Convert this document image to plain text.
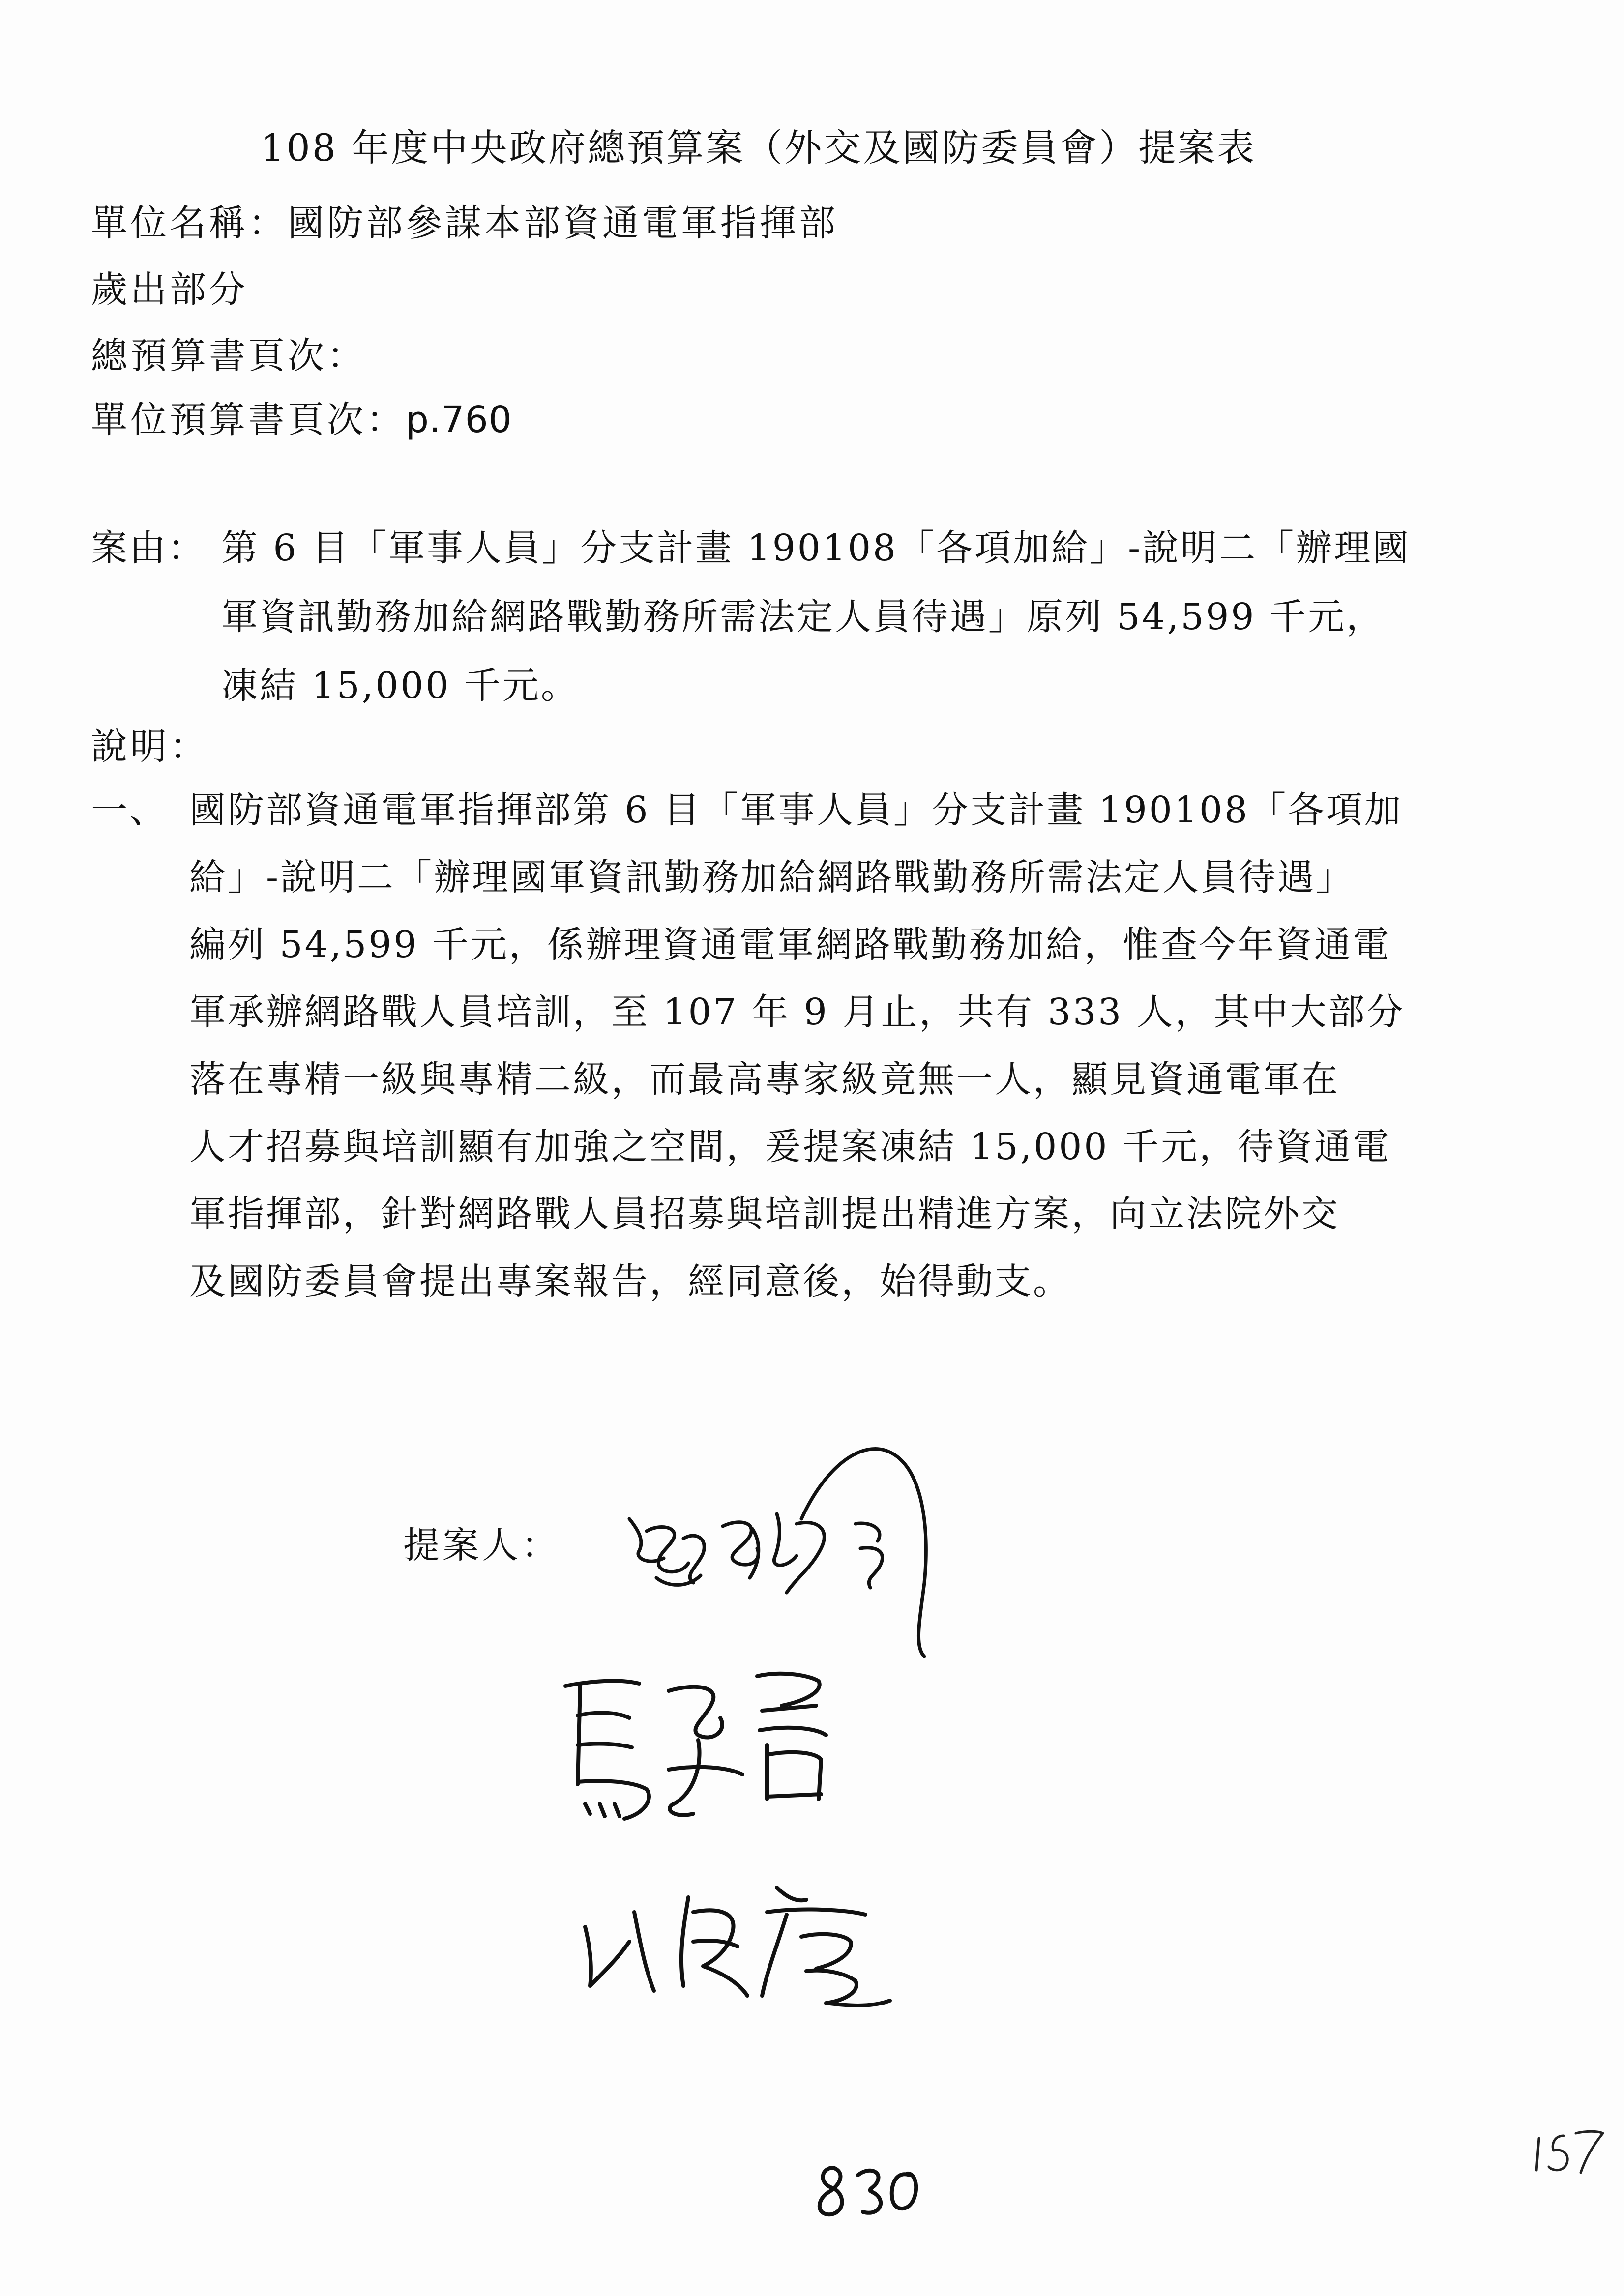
108 年度中央政府總預算案（外交及國防委員會）提案表
單位名稱：國防部參謀本部資通電軍指揮部
歲出部分
總預算書頁次：
單位預算書頁次：p.760
案由： 第 6 目「軍事人員」分支計畫 190108「各項加給」-說明二「辦理國
軍資訊勤務加給網路戰勤務所需法定人員待遇」原列 54,599 千元，
凍結 15,000 千元。
說明：
一、 國防部資通電軍指揮部第 6 目「軍事人員」分支計畫 190108「各項加
給」-說明二「辦理國軍資訊勤務加給網路戰勤務所需法定人員待遇」
編列 54,599 千元，係辦理資通電軍網路戰勤務加給，惟查今年資通電
軍承辦網路戰人員培訓，至 107 年 9 月止，共有 333 人，其中大部分
落在專精一級與專精二級，而最高專家級竟無一人，顯見資通電軍在
人才招募與培訓顯有加強之空間，爰提案凍結 15,000 千元，待資通電
軍指揮部，針對網路戰人員招募與培訓提出精進方案，向立法院外交
及國防委員會提出專案報告，經同意後，始得動支。
提案人：
